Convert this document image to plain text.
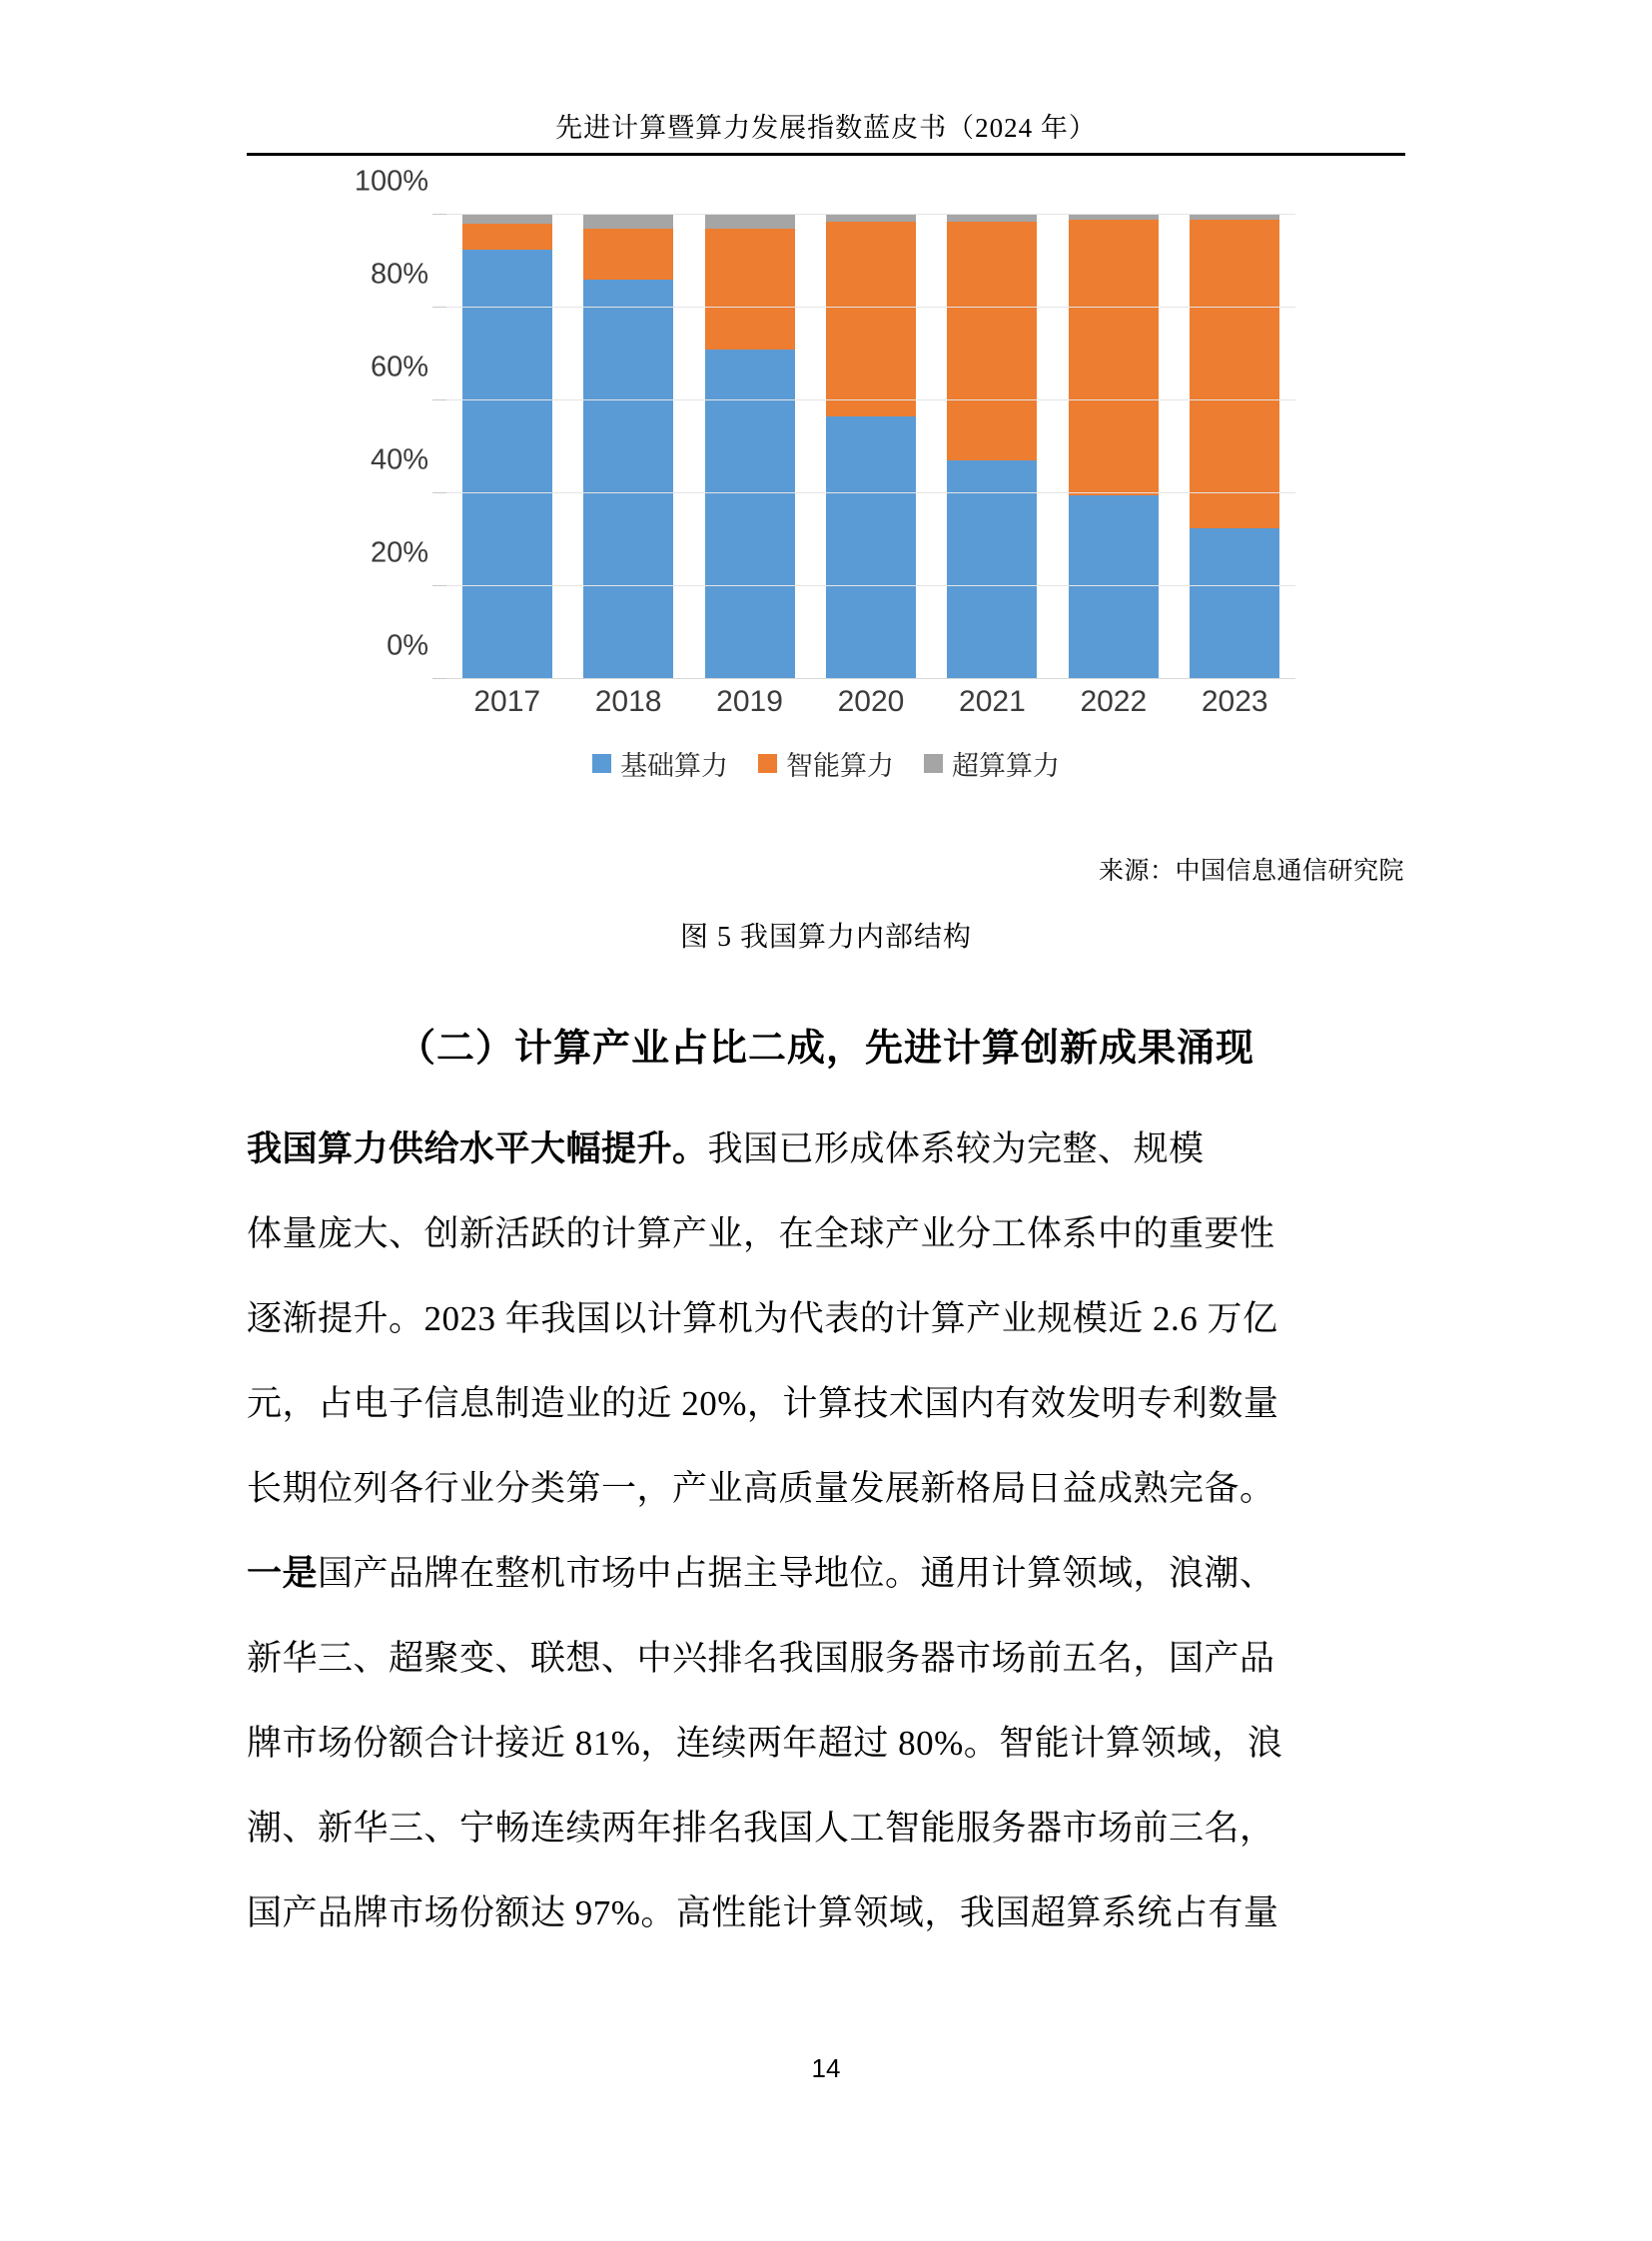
先进计算暨算力发展指数蓝皮书（2024 年）
0%
20%
40%
60%
80%
100%
2017	2018	2019	2020	2021	2022	2023
基础算力 智能算力 超算算力
来源：中国信息通信研究院
图 5 我国算力内部结构
（二）计算产业占比二成，先进计算创新成果涌现
我国算力供给水平大幅提升。我国已形成体系较为完整、规模
体量庞大、创新活跃的计算产业，在全球产业分工体系中的重要性
逐渐提升。2023 年我国以计算机为代表的计算产业规模近 2.6 万亿
元，占电子信息制造业的近 20%，计算技术国内有效发明专利数量
长期位列各行业分类第一，产业高质量发展新格局日益成熟完备。
一是国产品牌在整机市场中占据主导地位。通用计算领域，浪潮、
新华三、超聚变、联想、中兴排名我国服务器市场前五名，国产品
牌市场份额合计接近 81%，连续两年超过 80%。智能计算领域，浪
潮、新华三、宁畅连续两年排名我国人工智能服务器市场前三名，
国产品牌市场份额达 97%。高性能计算领域，我国超算系统占有量
14
